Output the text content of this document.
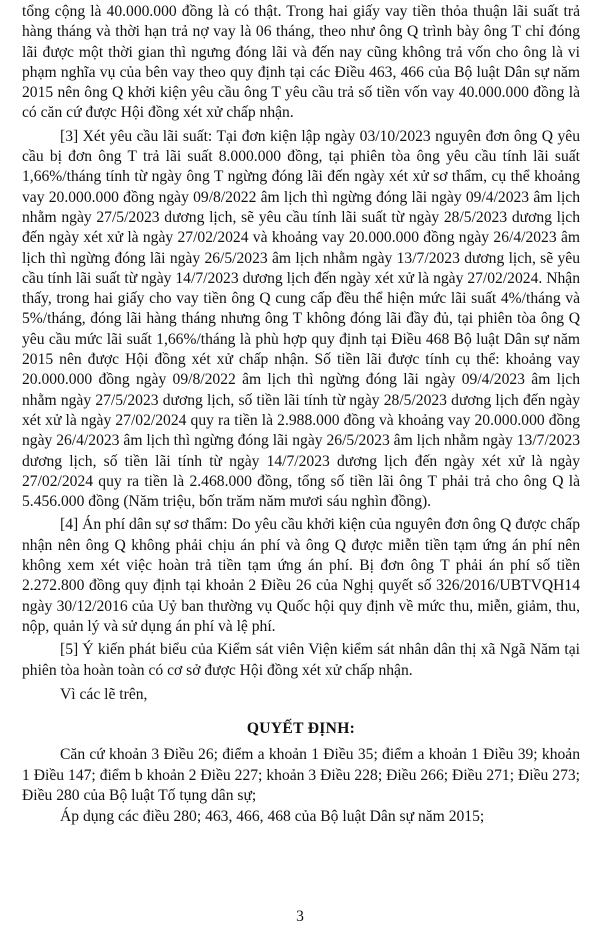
tổng cộng là 40.000.000 đồng là có thật. Trong hai giấy vay tiền thỏa thuận lãi suất trả hàng tháng và thời hạn trả nợ vay là 06 tháng, theo như ông Q trình bày ông T chỉ đóng lãi được một thời gian thì ngưng đóng lãi và đến nay cũng không trả vốn cho ông là vi phạm nghĩa vụ của bên vay theo quy định tại các Điều 463, 466 của Bộ luật Dân sự năm 2015 nên ông Q khởi kiện yêu cầu ông T yêu cầu trả số tiền vốn vay 40.000.000 đồng là có căn cứ được Hội đồng xét xử chấp nhận.

[3] Xét yêu cầu lãi suất: Tại đơn kiện lập ngày 03/10/2023 nguyên đơn ông Q yêu cầu bị đơn ông T trả lãi suất 8.000.000 đồng, tại phiên tòa ông yêu cầu tính lãi suất 1,66%/tháng tính từ ngày ông T ngừng đóng lãi đến ngày xét xử sơ thẩm, cụ thể khoảng vay 20.000.000 đồng ngày 09/8/2022 âm lịch thì ngừng đóng lãi ngày 09/4/2023 âm lịch nhằm ngày 27/5/2023 dương lịch, sẽ yêu cầu tính lãi suất từ ngày 28/5/2023 dương lịch đến ngày xét xử là ngày 27/02/2024 và khoảng vay 20.000.000 đồng ngày 26/4/2023 âm lịch thì ngừng đóng lãi ngày 26/5/2023 âm lịch nhằm ngày 13/7/2023 dương lịch, sẽ yêu cầu tính lãi suất từ ngày 14/7/2023 dương lịch đến ngày xét xử là ngày 27/02/2024. Nhận thấy, trong hai giấy cho vay tiền ông Q cung cấp đều thể hiện mức lãi suất 4%/tháng và 5%/tháng, đóng lãi hàng tháng nhưng ông T không đóng lãi đầy đủ, tại phiên tòa ông Q yêu cầu mức lãi suất 1,66%/tháng là phù hợp quy định tại Điều 468 Bộ luật Dân sự năm 2015 nên được Hội đồng xét xử chấp nhận. Số tiền lãi được tính cụ thể: khoảng vay 20.000.000 đồng ngày 09/8/2022 âm lịch thì ngừng đóng lãi ngày 09/4/2023 âm lịch nhằm ngày 27/5/2023 dương lịch, số tiền lãi tính từ ngày 28/5/2023 dương lịch đến ngày xét xử là ngày 27/02/2024 quy ra tiền là 2.988.000 đồng và khoảng vay 20.000.000 đồng ngày 26/4/2023 âm lịch thì ngừng đóng lãi ngày 26/5/2023 âm lịch nhằm ngày 13/7/2023 dương lịch, số tiền lãi tính từ ngày 14/7/2023 dương lịch đến ngày xét xử là ngày 27/02/2024 quy ra tiền là 2.468.000 đồng, tổng số tiền lãi ông T phải trả cho ông Q là 5.456.000 đồng (Năm triệu, bốn trăm năm mươi sáu nghìn đồng).

[4] Án phí dân sự sơ thẩm: Do yêu cầu khởi kiện của nguyên đơn ông Q được chấp nhận nên ông Q không phải chịu án phí và ông Q được miễn tiền tạm ứng án phí nên không xem xét việc hoàn trả tiền tạm ứng án phí. Bị đơn ông T phải án phí số tiền 2.272.800 đồng quy định tại khoản 2 Điều 26 của Nghị quyết số 326/2016/UBTVQH14 ngày 30/12/2016 của Uỷ ban thường vụ Quốc hội quy định về mức thu, miễn, giảm, thu, nộp, quản lý và sử dụng án phí và lệ phí.

[5] Ý kiến phát biểu của Kiểm sát viên Viện kiểm sát nhân dân thị xã Ngã Năm tại phiên tòa hoàn toàn có cơ sở được Hội đồng xét xử chấp nhận.

Vì các lẽ trên,

QUYẾT ĐỊNH:

Căn cứ khoản 3 Điều 26; điểm a khoản 1 Điều 35; điểm a khoản 1 Điều 39; khoản 1 Điều 147; điểm b khoản 2 Điều 227; khoản 3 Điều 228; Điều 266; Điều 271; Điều 273; Điều 280 của Bộ luật Tố tụng dân sự;

Áp dụng các điều 280; 463, 466, 468 của Bộ luật Dân sự năm 2015;

3
